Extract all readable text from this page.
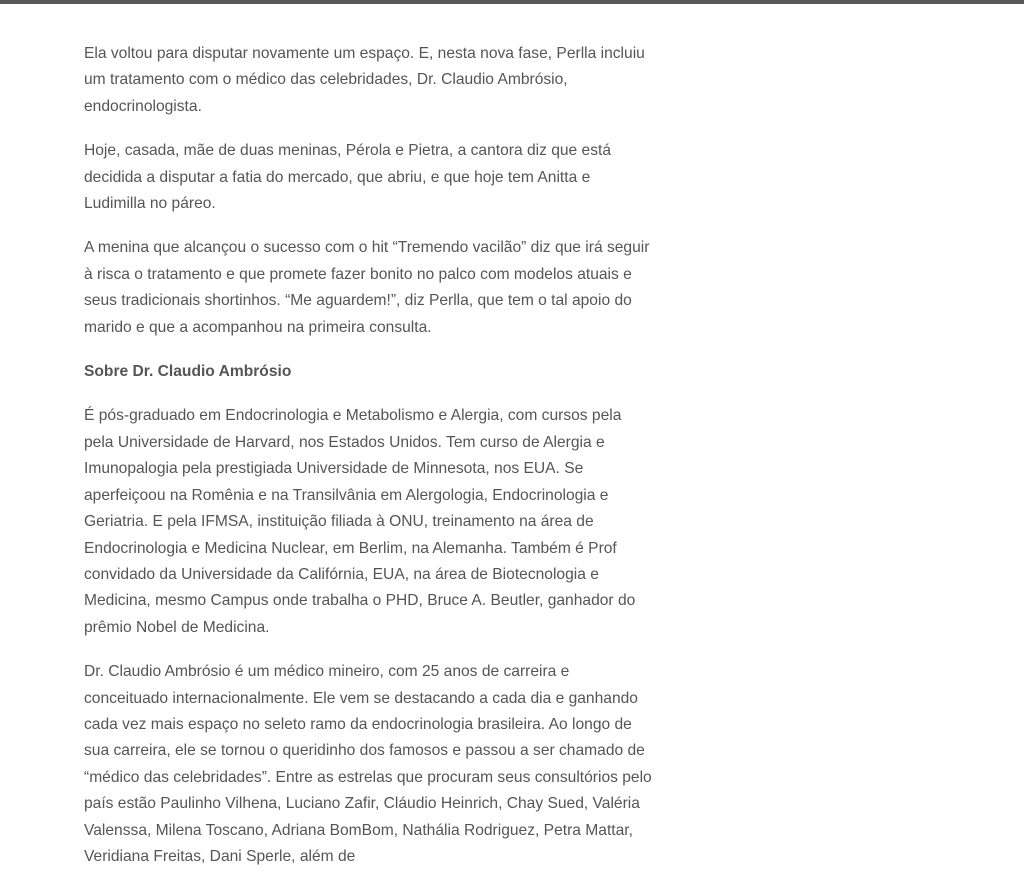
Ela voltou para disputar novamente um espaço. E, nesta nova fase, Perlla incluiu um tratamento com o médico das celebridades, Dr. Claudio Ambrósio, endocrinologista.

Hoje, casada, mãe de duas meninas, Pérola e Pietra, a cantora diz que está decidida a disputar a fatia do mercado, que abriu, e que hoje tem Anitta e Ludimilla no páreo.

A menina que alcançou o sucesso com o hit “Tremendo vacilão” diz que irá seguir à risca o tratamento e que promete fazer bonito no palco com modelos atuais e seus tradicionais shortinhos. “Me aguardem!”, diz Perlla, que tem o tal apoio do marido e que a acompanhou na primeira consulta.

Sobre Dr. Claudio Ambrósio

É pós-graduado em Endocrinologia e Metabolismo e Alergia, com cursos pela pela Universidade de Harvard, nos Estados Unidos. Tem curso de Alergia e Imunopalogia pela prestigiada Universidade de Minnesota, nos EUA. Se aperfeiçoou na Romênia e na Transilvânia em Alergologia, Endocrinologia e Geriatria. E pela IFMSA, instituição filiada à ONU, treinamento na área de Endocrinologia e Medicina Nuclear, em Berlim, na Alemanha. Também é Prof convidado da Universidade da Califórnia, EUA, na área de Biotecnologia e Medicina, mesmo Campus onde trabalha o PHD, Bruce A. Beutler, ganhador do prêmio Nobel de Medicina.

Dr. Claudio Ambrósio é um médico mineiro, com 25 anos de carreira e conceituado internacionalmente. Ele vem se destacando a cada dia e ganhando cada vez mais espaço no seleto ramo da endocrinologia brasileira. Ao longo de sua carreira, ele se tornou o queridinho dos famosos e passou a ser chamado de “médico das celebridades”. Entre as estrelas que procuram seus consultórios pelo país estão Paulinho Vilhena, Luciano Zafir, Cláudio Heinrich, Chay Sued, Valéria Valenssa, Milena Toscano, Adriana BomBom, Nathália Rodriguez, Petra Mattar, Veridiana Freitas, Dani Sperle, além de
